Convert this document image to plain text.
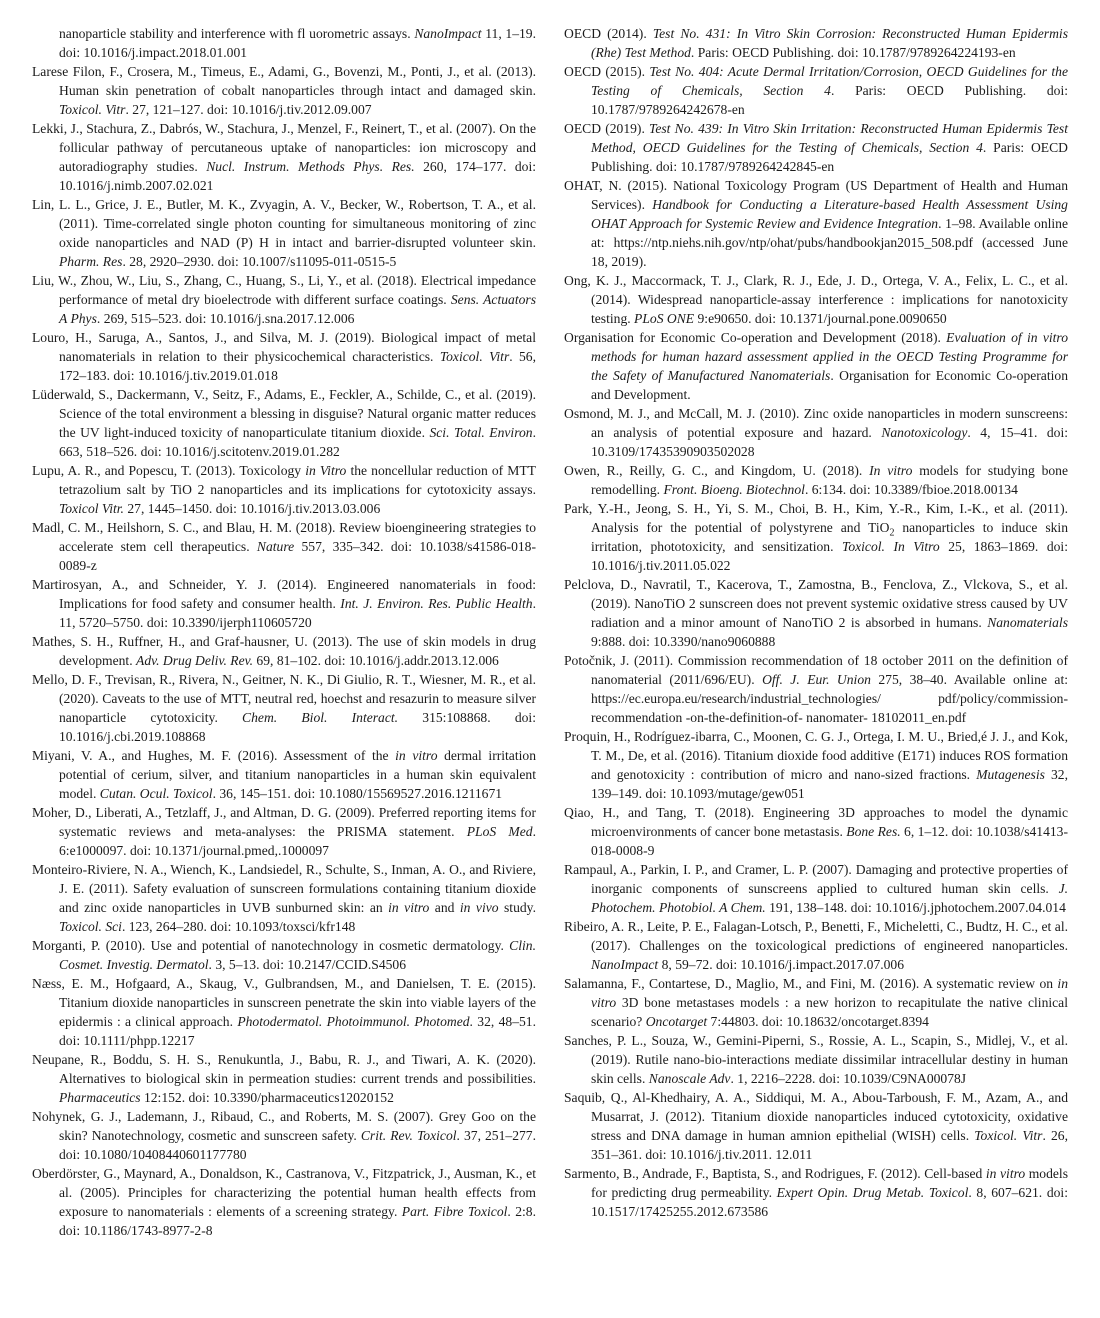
nanoparticle stability and interference with fl uorometric assays. NanoImpact 11, 1–19. doi: 10.1016/j.impact.2018.01.001

Larese Filon, F., Crosera, M., Timeus, E., Adami, G., Bovenzi, M., Ponti, J., et al. (2013). Human skin penetration of cobalt nanoparticles through intact and damaged skin. Toxicol. Vitr. 27, 121–127. doi: 10.1016/j.tiv.2012.09.007

Lekki, J., Stachura, Z., Dabrós, W., Stachura, J., Menzel, F., Reinert, T., et al. (2007). On the follicular pathway of percutaneous uptake of nanoparticles: ion microscopy and autoradiography studies. Nucl. Instrum. Methods Phys. Res. 260, 174–177. doi: 10.1016/j.nimb.2007.02.021

Lin, L. L., Grice, J. E., Butler, M. K., Zvyagin, A. V., Becker, W., Robertson, T. A., et al. (2011). Time-correlated single photon counting for simultaneous monitoring of zinc oxide nanoparticles and NAD (P) H in intact and barrier-disrupted volunteer skin. Pharm. Res. 28, 2920–2930. doi: 10.1007/s11095-011-0515-5

Liu, W., Zhou, W., Liu, S., Zhang, C., Huang, S., Li, Y., et al. (2018). Electrical impedance performance of metal dry bioelectrode with different surface coatings. Sens. Actuators A Phys. 269, 515–523. doi: 10.1016/j.sna.2017.12.006

Louro, H., Saruga, A., Santos, J., and Silva, M. J. (2019). Biological impact of metal nanomaterials in relation to their physicochemical characteristics. Toxicol. Vitr. 56, 172–183. doi: 10.1016/j.tiv.2019.01.018

Lüderwald, S., Dackermann, V., Seitz, F., Adams, E., Feckler, A., Schilde, C., et al. (2019). Science of the total environment a blessing in disguise? Natural organic matter reduces the UV light-induced toxicity of nanoparticulate titanium dioxide. Sci. Total. Environ. 663, 518–526. doi: 10.1016/j.scitotenv.2019.01.282

Lupu, A. R., and Popescu, T. (2013). Toxicology in Vitro the noncellular reduction of MTT tetrazolium salt by TiO 2 nanoparticles and its implications for cytotoxicity assays. Toxicol Vitr. 27, 1445–1450. doi: 10.1016/j.tiv.2013.03.006

Madl, C. M., Heilshorn, S. C., and Blau, H. M. (2018). Review bioengineering strategies to accelerate stem cell therapeutics. Nature 557, 335–342. doi: 10.1038/s41586-018-0089-z

Martirosyan, A., and Schneider, Y. J. (2014). Engineered nanomaterials in food: Implications for food safety and consumer health. Int. J. Environ. Res. Public Health. 11, 5720–5750. doi: 10.3390/ijerph110605720

Mathes, S. H., Ruffner, H., and Graf-hausner, U. (2013). The use of skin models in drug development. Adv. Drug Deliv. Rev. 69, 81–102. doi: 10.1016/j.addr.2013.12.006

Mello, D. F., Trevisan, R., Rivera, N., Geitner, N. K., Di Giulio, R. T., Wiesner, M. R., et al. (2020). Caveats to the use of MTT, neutral red, hoechst and resazurin to measure silver nanoparticle cytotoxicity. Chem. Biol. Interact. 315:108868. doi: 10.1016/j.cbi.2019.108868

Miyani, V. A., and Hughes, M. F. (2016). Assessment of the in vitro dermal irritation potential of cerium, silver, and titanium nanoparticles in a human skin equivalent model. Cutan. Ocul. Toxicol. 36, 145–151. doi: 10.1080/15569527.2016.1211671

Moher, D., Liberati, A., Tetzlaff, J., and Altman, D. G. (2009). Preferred reporting items for systematic reviews and meta-analyses: the PRISMA statement. PLoS Med. 6:e1000097. doi: 10.1371/journal.pmed,.1000097

Monteiro-Riviere, N. A., Wiench, K., Landsiedel, R., Schulte, S., Inman, A. O., and Riviere, J. E. (2011). Safety evaluation of sunscreen formulations containing titanium dioxide and zinc oxide nanoparticles in UVB sunburned skin: an in vitro and in vivo study. Toxicol. Sci. 123, 264–280. doi: 10.1093/toxsci/kfr148

Morganti, P. (2010). Use and potential of nanotechnology in cosmetic dermatology. Clin. Cosmet. Investig. Dermatol. 3, 5–13. doi: 10.2147/CCID.S4506

Næss, E. M., Hofgaard, A., Skaug, V., Gulbrandsen, M., and Danielsen, T. E. (2015). Titanium dioxide nanoparticles in sunscreen penetrate the skin into viable layers of the epidermis : a clinical approach. Photodermatol. Photoimmunol. Photomed. 32, 48–51. doi: 10.1111/phpp.12217

Neupane, R., Boddu, S. H. S., Renukuntla, J., Babu, R. J., and Tiwari, A. K. (2020). Alternatives to biological skin in permeation studies: current trends and possibilities. Pharmaceutics 12:152. doi: 10.3390/pharmaceutics12020152

Nohynek, G. J., Lademann, J., Ribaud, C., and Roberts, M. S. (2007). Grey Goo on the skin? Nanotechnology, cosmetic and sunscreen safety. Crit. Rev. Toxicol. 37, 251–277. doi: 10.1080/10408440601177780

Oberdörster, G., Maynard, A., Donaldson, K., Castranova, V., Fitzpatrick, J., Ausman, K., et al. (2005). Principles for characterizing the potential human health effects from exposure to nanomaterials : elements of a screening strategy. Part. Fibre Toxicol. 2:8. doi: 10.1186/1743-8977-2-8

OECD (2014). Test No. 431: In Vitro Skin Corrosion: Reconstructed Human Epidermis (Rhe) Test Method. Paris: OECD Publishing. doi: 10.1787/9789264224193-en

OECD (2015). Test No. 404: Acute Dermal Irritation/Corrosion, OECD Guidelines for the Testing of Chemicals, Section 4. Paris: OECD Publishing. doi: 10.1787/9789264242678-en

OECD (2019). Test No. 439: In Vitro Skin Irritation: Reconstructed Human Epidermis Test Method, OECD Guidelines for the Testing of Chemicals, Section 4. Paris: OECD Publishing. doi: 10.1787/9789264242845-en

OHAT, N. (2015). National Toxicology Program (US Department of Health and Human Services). Handbook for Conducting a Literature-based Health Assessment Using OHAT Approach for Systemic Review and Evidence Integration. 1–98. Available online at: https://ntp.niehs.nih.gov/ntp/ohat/pubs/handbookjan2015_508.pdf (accessed June 18, 2019).

Ong, K. J., Maccormack, T. J., Clark, R. J., Ede, J. D., Ortega, V. A., Felix, L. C., et al. (2014). Widespread nanoparticle-assay interference : implications for nanotoxicity testing. PLoS ONE 9:e90650. doi: 10.1371/journal.pone.0090650

Organisation for Economic Co-operation and Development (2018). Evaluation of in vitro methods for human hazard assessment applied in the OECD Testing Programme for the Safety of Manufactured Nanomaterials. Organisation for Economic Co-operation and Development.

Osmond, M. J., and McCall, M. J. (2010). Zinc oxide nanoparticles in modern sunscreens: an analysis of potential exposure and hazard. Nanotoxicology. 4, 15–41. doi: 10.3109/17435390903502028

Owen, R., Reilly, G. C., and Kingdom, U. (2018). In vitro models for studying bone remodelling. Front. Bioeng. Biotechnol. 6:134. doi: 10.3389/fbioe.2018.00134

Park, Y.-H., Jeong, S. H., Yi, S. M., Choi, B. H., Kim, Y.-R., Kim, I.-K., et al. (2011). Analysis for the potential of polystyrene and TiO$_2$ nanoparticles to induce skin irritation, phototoxicity, and sensitization. Toxicol. In Vitro 25, 1863–1869. doi: 10.1016/j.tiv.2011.05.022

Pelclova, D., Navratil, T., Kacerova, T., Zamostna, B., Fenclova, Z., Vlckova, S., et al. (2019). NanoTiO 2 sunscreen does not prevent systemic oxidative stress caused by UV radiation and a minor amount of NanoTiO 2 is absorbed in humans. Nanomaterials 9:888. doi: 10.3390/nano9060888

Potočnik, J. (2011). Commission recommendation of 18 october 2011 on the definition of nanomaterial (2011/696/EU). Off. J. Eur. Union 275, 38–40. Available online at: https://ec.europa.eu/research/industrial_technologies/ pdf/policy/commission- recommendation -on-the-definition-of- nanomater- 18102011_en.pdf

Proquin, H., Rodríguez-ibarra, C., Moonen, C. G. J., Ortega, I. M. U., Bried,é J. J., and Kok, T. M., De, et al. (2016). Titanium dioxide food additive (E171) induces ROS formation and genotoxicity : contribution of micro and nano-sized fractions. Mutagenesis 32, 139–149. doi: 10.1093/mutage/gew051

Qiao, H., and Tang, T. (2018). Engineering 3D approaches to model the dynamic microenvironments of cancer bone metastasis. Bone Res. 6, 1–12. doi: 10.1038/s41413-018-0008-9

Rampaul, A., Parkin, I. P., and Cramer, L. P. (2007). Damaging and protective properties of inorganic components of sunscreens applied to cultured human skin cells. J. Photochem. Photobiol. A Chem. 191, 138–148. doi: 10.1016/j.jphotochem.2007.04.014

Ribeiro, A. R., Leite, P. E., Falagan-Lotsch, P., Benetti, F., Micheletti, C., Budtz, H. C., et al. (2017). Challenges on the toxicological predictions of engineered nanoparticles. NanoImpact 8, 59–72. doi: 10.1016/j.impact.2017.07.006

Salamanna, F., Contartese, D., Maglio, M., and Fini, M. (2016). A systematic review on in vitro 3D bone metastases models : a new horizon to recapitulate the native clinical scenario? Oncotarget 7:44803. doi: 10.18632/oncotarget.8394

Sanches, P. L., Souza, W., Gemini-Piperni, S., Rossie, A. L., Scapin, S., Midlej, V., et al. (2019). Rutile nano-bio-interactions mediate dissimilar intracellular destiny in human skin cells. Nanoscale Adv. 1, 2216–2228. doi: 10.1039/C9NA00078J

Saquib, Q., Al-Khedhairy, A. A., Siddiqui, M. A., Abou-Tarboush, F. M., Azam, A., and Musarrat, J. (2012). Titanium dioxide nanoparticles induced cytotoxicity, oxidative stress and DNA damage in human amnion epithelial (WISH) cells. Toxicol. Vitr. 26, 351–361. doi: 10.1016/j.tiv.2011. 12.011

Sarmento, B., Andrade, F., Baptista, S., and Rodrigues, F. (2012). Cell-based in vitro models for predicting drug permeability. Expert Opin. Drug Metab. Toxicol. 8, 607–621. doi: 10.1517/17425255.2012.673586
